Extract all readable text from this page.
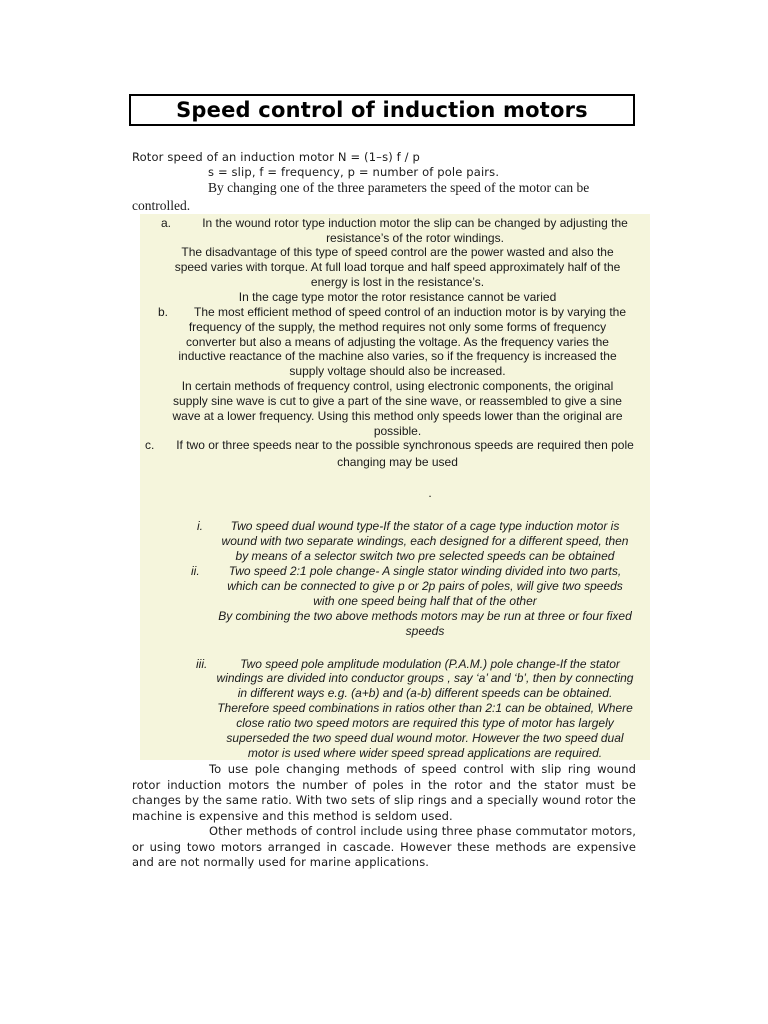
Speed control of induction motors
Rotor speed of an induction motor N = (1–s) f / p
s = slip, f = frequency, p = number of pole pairs.
By changing one of the three parameters the speed of the motor can be
controlled.
a.	In the wound rotor type induction motor the slip can be changed by adjusting the
resistance’s of the rotor windings.
The disadvantage of this type of speed control are the power wasted and also the
speed varies with torque. At full load torque and half speed approximately half of the
energy is lost in the resistance’s.
In the cage type motor the rotor resistance cannot be varied
b.	The most efficient method of speed control of an induction motor is by varying the
frequency of the supply, the method requires not only some forms of frequency
converter but also a means of adjusting the voltage. As the frequency varies the
inductive reactance of the machine also varies, so if the frequency is increased the
supply voltage should also be increased.
In certain methods of frequency control, using electronic components, the original
supply sine wave is cut to give a part of the sine wave, or reassembled to give a sine
wave at a lower frequency. Using this method only speeds lower than the original are
possible.
c.	If two or three speeds near to the possible synchronous speeds are required then pole
changing may be used
.
i.	Two speed dual wound type-If the stator of a cage type induction motor is
wound with two separate windings, each designed for a different speed, then
by means of a selector switch two pre selected speeds can be obtained
ii.	Two speed 2:1 pole change- A single stator winding divided into two parts,
which can be connected to give p or 2p pairs of poles, will give two speeds
with one speed being half that of the other
By combining the two above methods motors may be run at three or four fixed
speeds
iii.	Two speed pole amplitude modulation (P.A.M.) pole change-If the stator
windings are divided into conductor groups , say ‘a’ and ‘b’, then by connecting
in different ways e.g. (a+b) and (a-b) different speeds can be obtained.
Therefore speed combinations in ratios other than 2:1 can be obtained, Where
close ratio two speed motors are required this type of motor has largely
superseded the two speed dual wound motor. However the two speed dual
motor is used where wider speed spread applications are required.

To use pole changing methods of speed control with slip ring wound rotor induction motors the number of poles in the rotor and the stator must be changes by the same ratio. With two sets of slip rings and a specially wound rotor the machine is expensive and this method is seldom used.

Other methods of control include using three phase commutator motors, or using towo motors arranged in cascade. However these methods are expensive and are not normally used for marine applications.
